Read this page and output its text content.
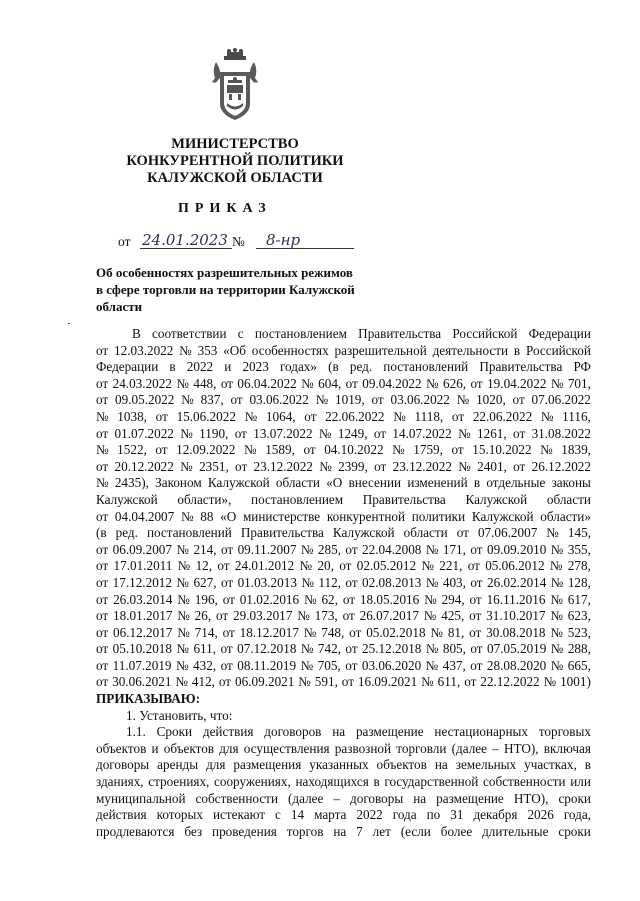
МИНИСТЕРСТВО
КОНКУРЕНТНОЙ ПОЛИТИКИ
КАЛУЖСКОЙ ОБЛАСТИ
ПРИКАЗ
от 24.01.2023 № 8-нр
Об особенностях разрешительных режимов
в сфере торговли на территории Калужской
области
В соответствии с постановлением Правительства Российской Федерации
от 12.03.2022 № 353 «Об особенностях разрешительной деятельности в Российской
Федерации в 2022 и 2023 годах» (в ред. постановлений Правительства РФ
от 24.03.2022 № 448, от 06.04.2022 № 604, от 09.04.2022 № 626, от 19.04.2022 № 701,
от 09.05.2022 № 837, от 03.06.2022 № 1019, от 03.06.2022 № 1020, от 07.06.2022
№ 1038, от 15.06.2022 № 1064, от 22.06.2022 № 1118, от 22.06.2022 № 1116,
от 01.07.2022 № 1190, от 13.07.2022 № 1249, от 14.07.2022 № 1261, от 31.08.2022
№ 1522, от 12.09.2022 № 1589, от 04.10.2022 № 1759, от 15.10.2022 № 1839,
от 20.12.2022 № 2351, от 23.12.2022 № 2399, от 23.12.2022 № 2401, от 26.12.2022
№ 2435), Законом Калужской области «О внесении изменений в отдельные законы
Калужской области», постановлением Правительства Калужской области
от 04.04.2007 № 88 «О министерстве конкурентной политики Калужской области»
(в ред. постановлений Правительства Калужской области от 07.06.2007 № 145,
от 06.09.2007 № 214, от 09.11.2007 № 285, от 22.04.2008 № 171, от 09.09.2010 № 355,
от 17.01.2011 № 12, от 24.01.2012 № 20, от 02.05.2012 № 221, от 05.06.2012 № 278,
от 17.12.2012 № 627, от 01.03.2013 № 112, от 02.08.2013 № 403, от 26.02.2014 № 128,
от 26.03.2014 № 196, от 01.02.2016 № 62, от 18.05.2016 № 294, от 16.11.2016 № 617,
от 18.01.2017 № 26, от 29.03.2017 № 173, от 26.07.2017 № 425, от 31.10.2017 № 623,
от 06.12.2017 № 714, от 18.12.2017 № 748, от 05.02.2018 № 81, от 30.08.2018 № 523,
от 05.10.2018 № 611, от 07.12.2018 № 742, от 25.12.2018 № 805, от 07.05.2019 № 288,
от 11.07.2019 № 432, от 08.11.2019 № 705, от 03.06.2020 № 437, от 28.08.2020 № 665,
от 30.06.2021 № 412, от 06.09.2021 № 591, от 16.09.2021 № 611, от 22.12.2022 № 1001)
ПРИКАЗЫВАЮ:
1. Установить, что:
1.1. Сроки действия договоров на размещение нестационарных торговых
объектов и объектов для осуществления развозной торговли (далее – НТО), включая
договоры аренды для размещения указанных объектов на земельных участках, в
зданиях, строениях, сооружениях, находящихся в государственной собственности или
муниципальной собственности (далее – договоры на размещение НТО), сроки
действия которых истекают с 14 марта 2022 года по 31 декабря 2026 года,
продлеваются без проведения торгов на 7 лет (если более длительные сроки
